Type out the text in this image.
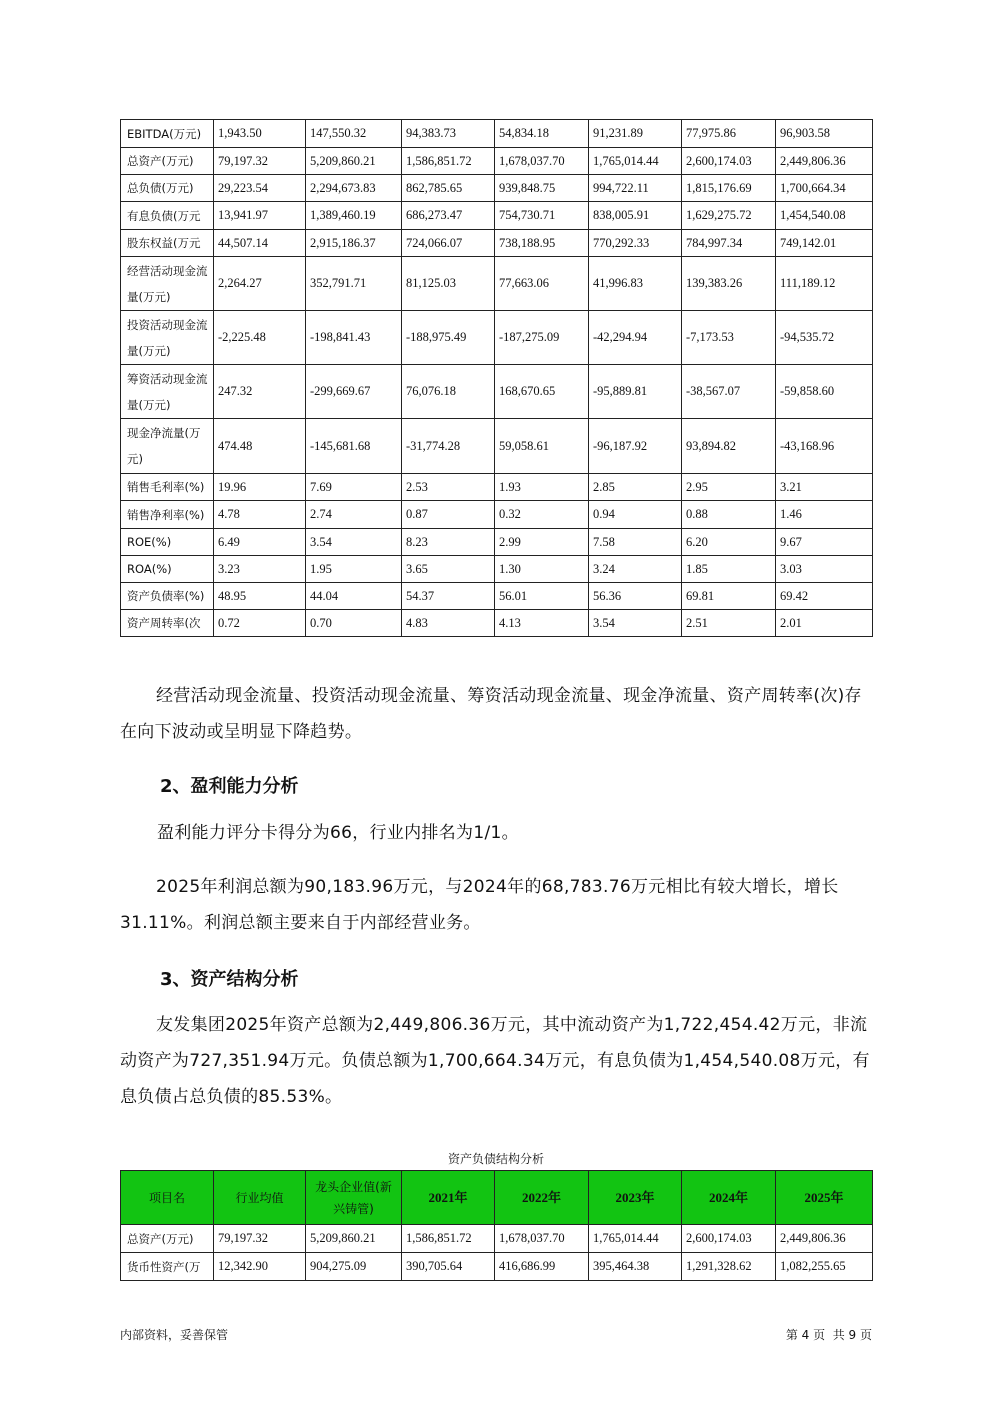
EBITDA(万元)	1,943.50	147,550.32	94,383.73	54,834.18	91,231.89	77,975.86	96,903.58
总资产(万元)	79,197.32	5,209,860.21	1,586,851.72	1,678,037.70	1,765,014.44	2,600,174.03	2,449,806.36
总负债(万元)	29,223.54	2,294,673.83	862,785.65	939,848.75	994,722.11	1,815,176.69	1,700,664.34
有息负债(万元	13,941.97	1,389,460.19	686,273.47	754,730.71	838,005.91	1,629,275.72	1,454,540.08
股东权益(万元	44,507.14	2,915,186.37	724,066.07	738,188.95	770,292.33	784,997.34	749,142.01
经营活动现金流量(万元)	2,264.27	352,791.71	81,125.03	77,663.06	41,996.83	139,383.26	111,189.12
投资活动现金流量(万元)	-2,225.48	-198,841.43	-188,975.49	-187,275.09	-42,294.94	-7,173.53	-94,535.72
筹资活动现金流量(万元)	247.32	-299,669.67	76,076.18	168,670.65	-95,889.81	-38,567.07	-59,858.60
现金净流量(万元)	474.48	-145,681.68	-31,774.28	59,058.61	-96,187.92	93,894.82	-43,168.96
销售毛利率(%)	19.96	7.69	2.53	1.93	2.85	2.95	3.21
销售净利率(%)	4.78	2.74	0.87	0.32	0.94	0.88	1.46
ROE(%)	6.49	3.54	8.23	2.99	7.58	6.20	9.67
ROA(%)	3.23	1.95	3.65	1.30	3.24	1.85	3.03
资产负债率(%)	48.95	44.04	54.37	56.01	56.36	69.81	69.42
资产周转率(次	0.72	0.70	4.83	4.13	3.54	2.51	2.01
经营活动现金流量、投资活动现金流量、筹资活动现金流量、现金净流量、资产周转率(次)存在向下波动或呈明显下降趋势。
2、盈利能力分析
盈利能力评分卡得分为66，行业内排名为1/1。
2025年利润总额为90,183.96万元，与2024年的68,783.76万元相比有较大增长，增长31.11%。利润总额主要来自于内部经营业务。
3、资产结构分析
友发集团2025年资产总额为2,449,806.36万元，其中流动资产为1,722,454.42万元，非流动资产为727,351.94万元。负债总额为1,700,664.34万元，有息负债为1,454,540.08万元，有息负债占总负债的85.53%。
资产负债结构分析
项目名	行业均值	龙头企业值(新兴铸管)	2021年	2022年	2023年	2024年	2025年
总资产(万元)	79,197.32	5,209,860.21	1,586,851.72	1,678,037.70	1,765,014.44	2,600,174.03	2,449,806.36
货币性资产(万	12,342.90	904,275.09	390,705.64	416,686.99	395,464.38	1,291,328.62	1,082,255.65
内部资料，妥善保管	第 4 页  共 9 页
